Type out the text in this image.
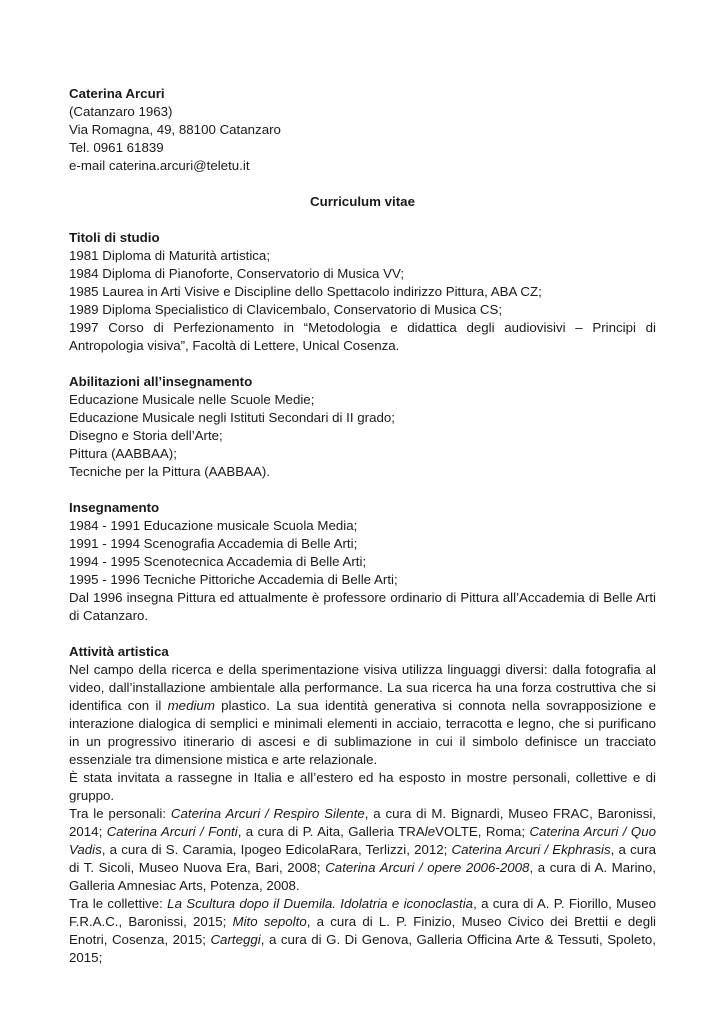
Caterina Arcuri
(Catanzaro 1963)
Via Romagna, 49, 88100 Catanzaro
Tel. 0961 61839
e-mail caterina.arcuri@teletu.it
Curriculum vitae
Titoli di studio
1981 Diploma di Maturità artistica;
1984 Diploma di Pianoforte, Conservatorio di Musica VV;
1985 Laurea in Arti Visive e Discipline dello Spettacolo indirizzo Pittura, ABA CZ;
1989 Diploma Specialistico di Clavicembalo, Conservatorio di Musica CS;
1997 Corso di Perfezionamento in “Metodologia e didattica degli audiovisivi – Principi di Antropologia visiva”, Facoltà di Lettere, Unical Cosenza.
Abilitazioni all’insegnamento
Educazione Musicale nelle Scuole Medie;
Educazione Musicale negli Istituti Secondari di II grado;
Disegno e Storia dell’Arte;
Pittura (AABBAA);
Tecniche per la Pittura (AABBAA).
Insegnamento
1984 - 1991 Educazione musicale Scuola Media;
1991 - 1994 Scenografia Accademia di Belle Arti;
1994 - 1995 Scenotecnica Accademia di Belle Arti;
1995 - 1996 Tecniche Pittoriche Accademia di Belle Arti;
Dal 1996 insegna Pittura ed attualmente è professore ordinario di Pittura all’Accademia di Belle Arti di Catanzaro.
Attività artistica
Nel campo della ricerca e della sperimentazione visiva utilizza linguaggi diversi: dalla fotografia al video, dall’installazione ambientale alla performance. La sua ricerca ha una forza costruttiva che si identifica con il medium plastico. La sua identità generativa si connota nella sovrapposizione e interazione dialogica di semplici e minimali elementi in acciaio, terracotta e legno, che si purificano in un progressivo itinerario di ascesi e di sublimazione in cui il simbolo definisce un tracciato essenziale tra dimensione mistica e arte relazionale.
È stata invitata a rassegne in Italia e all’estero ed ha esposto in mostre personali, collettive e di gruppo.
Tra le personali: Caterina Arcuri / Respiro Silente, a cura di M. Bignardi, Museo FRAC, Baronissi, 2014; Caterina Arcuri / Fonti, a cura di P. Aita, Galleria TRAleVOLTE, Roma; Caterina Arcuri / Quo Vadis, a cura di S. Caramia, Ipogeo EdicolaRara, Terlizzi, 2012; Caterina Arcuri / Ekphrasis, a cura di T. Sicoli, Museo Nuova Era, Bari, 2008; Caterina Arcuri / opere 2006-2008, a cura di A. Marino, Galleria Amnesiac Arts, Potenza, 2008.
Tra le collettive: La Scultura dopo il Duemila. Idolatria e iconoclastia, a cura di A. P. Fiorillo, Museo F.R.A.C., Baronissi, 2015; Mito sepolto, a cura di L. P. Finizio, Museo Civico dei Brettii e degli Enotri, Cosenza, 2015; Carteggi, a cura di G. Di Genova, Galleria Officina Arte & Tessuti, Spoleto, 2015;
